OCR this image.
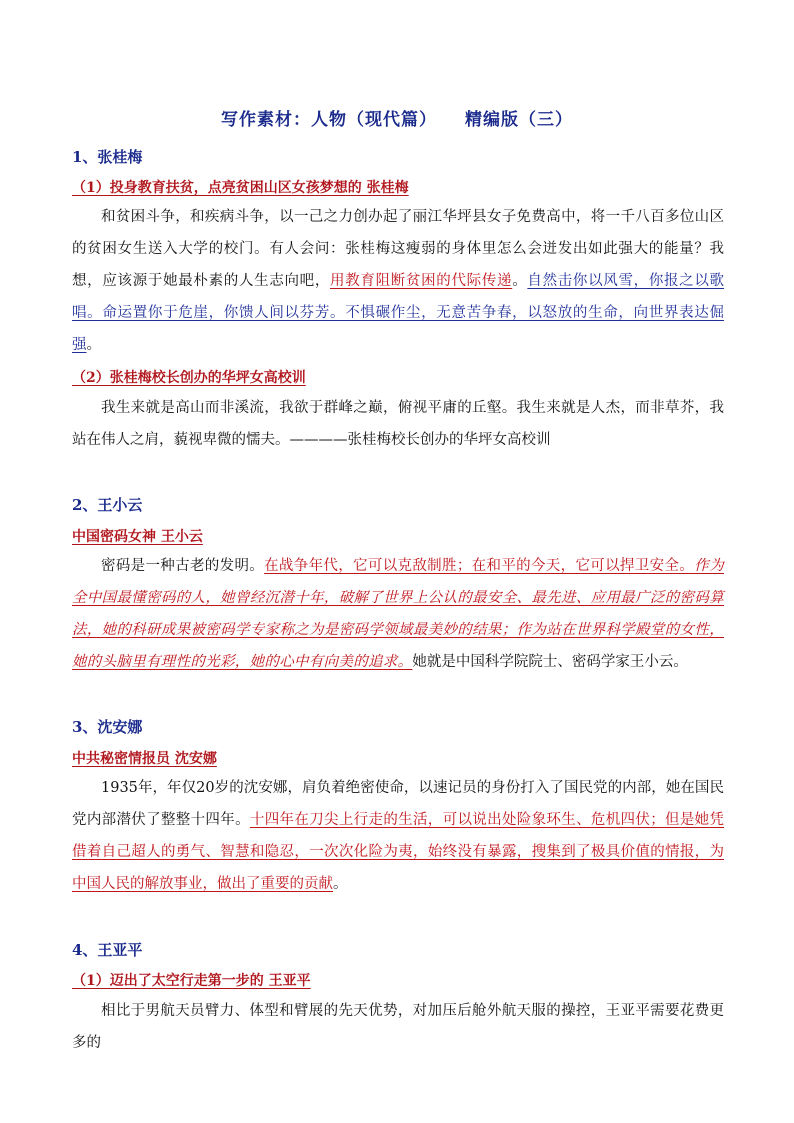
写作素材：人物（现代篇） 精编版（三）
1、张桂梅
（1）投身教育扶贫，点亮贫困山区女孩梦想的 张桂梅

和贫困斗争，和疾病斗争，以一己之力创办起了丽江华坪县女子免费高中，将一千八百多位山区的贫困女生送入大学的校门。有人会问：张桂梅这瘦弱的身体里怎么会迸发出如此强大的能量？我想，应该源于她最朴素的人生志向吧，用教育阻断贫困的代际传递。自然击你以风雪，你报之以歌唱。命运置你于危崖，你馈人间以芬芳。不惧碾作尘，无意苦争春，以怒放的生命，向世界表达倔强。

（2）张桂梅校长创办的华坪女高校训

我生来就是高山而非溪流，我欲于群峰之巅，俯视平庸的丘壑。我生来就是人杰，而非草芥，我站在伟人之肩，藐视卑微的懦夫。————张桂梅校长创办的华坪女高校训

2、王小云
中国密码女神 王小云

密码是一种古老的发明。在战争年代，它可以克敌制胜；在和平的今天，它可以捍卫安全。作为全中国最懂密码的人，她曾经沉潜十年，破解了世界上公认的最安全、最先进、应用最广泛的密码算法，她的科研成果被密码学专家称之为是密码学领域最美妙的结果；作为站在世界科学殿堂的女性，她的头脑里有理性的光彩，她的心中有向美的追求。她就是中国科学院院士、密码学家王小云。

3、沈安娜
中共秘密情报员 沈安娜

1935年，年仅20岁的沈安娜，肩负着绝密使命，以速记员的身份打入了国民党的内部，她在国民党内部潜伏了整整十四年。十四年在刀尖上行走的生活，可以说出处险象环生、危机四伏；但是她凭借着自己超人的勇气、智慧和隐忍，一次次化险为夷，始终没有暴露，搜集到了极具价值的情报，为中国人民的解放事业，做出了重要的贡献。

4、王亚平
（1）迈出了太空行走第一步的 王亚平

相比于男航天员臂力、体型和臂展的先天优势，对加压后舱外航天服的操控，王亚平需要花费更多的
